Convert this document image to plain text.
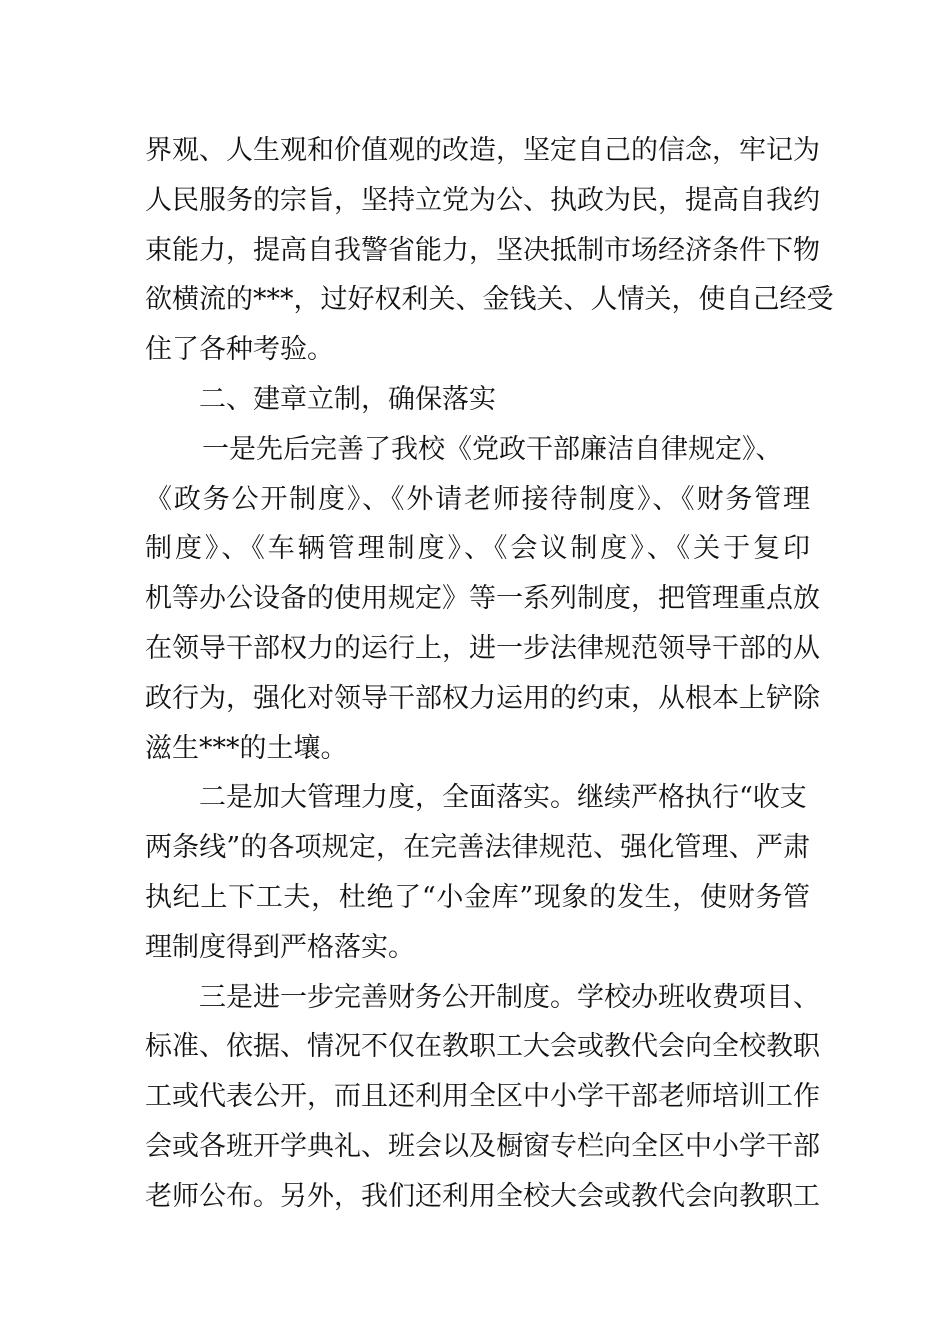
界观、人生观和价值观的改造，坚定自己的信念，牢记为
人民服务的宗旨，坚持立党为公、执政为民，提高自我约
束能力，提高自我警省能力，坚决抵制市场经济条件下物
欲横流的***，过好权利关、金钱关、人情关，使自己经受
住了各种考验。
二、建章立制，确保落实
一是先后完善了我校《党政干部廉洁自律规定》、
《政务公开制度》、《外请老师接待制度》、《财务管理
制度》、《车辆管理制度》、《会议制度》、《关于复印
机等办公设备的使用规定》等一系列制度，把管理重点放
在领导干部权力的运行上，进一步法律规范领导干部的从
政行为，强化对领导干部权力运用的约束，从根本上铲除
滋生***的土壤。
二是加大管理力度，全面落实。继续严格执行“收支
两条线”的各项规定，在完善法律规范、强化管理、严肃
执纪上下工夫，杜绝了“小金库”现象的发生，使财务管
理制度得到严格落实。
三是进一步完善财务公开制度。学校办班收费项目、
标准、依据、情况不仅在教职工大会或教代会向全校教职
工或代表公开，而且还利用全区中小学干部老师培训工作
会或各班开学典礼、班会以及橱窗专栏向全区中小学干部
老师公布。另外，我们还利用全校大会或教代会向教职工
